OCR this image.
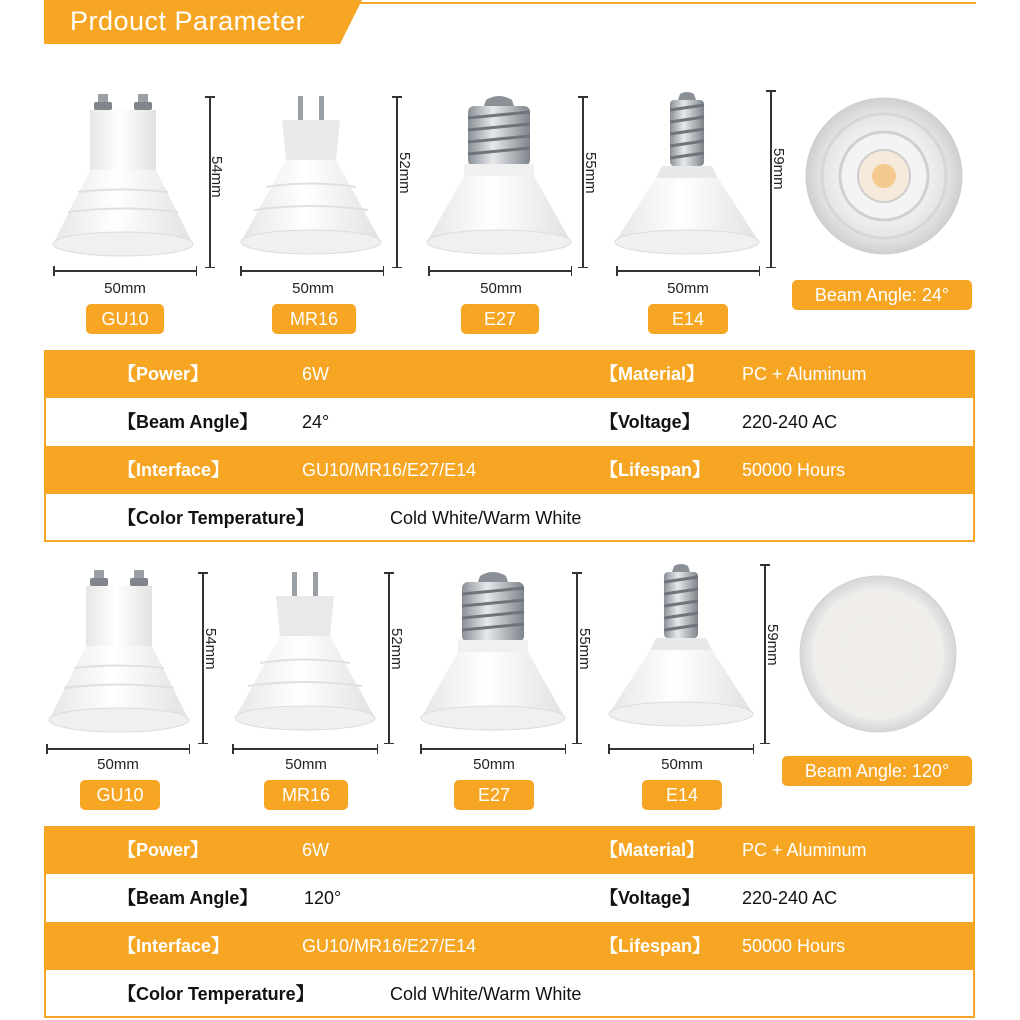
Prdouct Parameter
54mm
50mm
GU10
52mm
50mm
MR16
55mm
50mm
E27
59mm
50mm
E14
Beam Angle: 24°
【Power】	6W	【Material】 PC + Aluminum
【Beam Angle】 24°	【Voltage】 220-240 AC
【Interface】	GU10/MR16/E27/E14	【Lifespan】 50000 Hours
【Color Temperature】	Cold White/Warm White
54mm
50mm
GU10
52mm
50mm
MR16
55mm
50mm
E27
59mm
50mm
E14
Beam Angle: 120°
【Power】	6W	【Material】 PC + Aluminum
【Beam Angle】	120°	【Voltage】 220-240 AC
【Interface】	GU10/MR16/E27/E14	【Lifespan】 50000 Hours
【Color Temperature】	Cold White/Warm White
